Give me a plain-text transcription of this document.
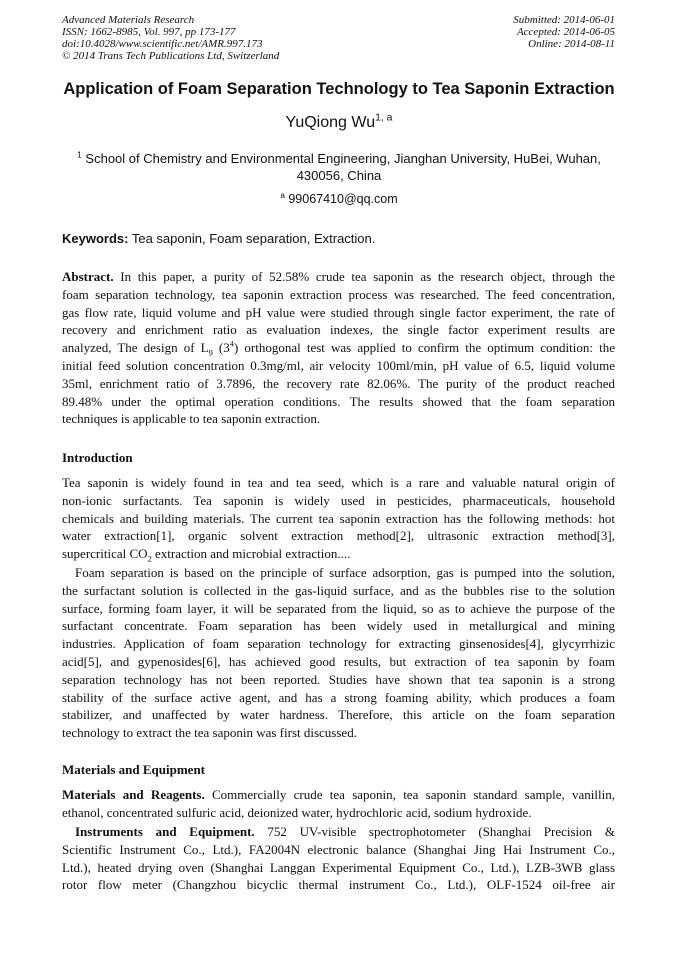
Advanced Materials Research
ISSN: 1662-8985, Vol. 997, pp 173-177
doi:10.4028/www.scientific.net/AMR.997.173
© 2014 Trans Tech Publications Ltd, Switzerland
Submitted: 2014-06-01
Accepted: 2014-06-05
Online: 2014-08-11
Application of Foam Separation Technology to Tea Saponin Extraction
YuQiong Wu$^{1, a}$
$^1$ School of Chemistry and Environmental Engineering, Jianghan University, HuBei, Wuhan,
430056, China
$^a$ 99067410@qq.com
Keywords: Tea saponin, Foam separation, Extraction.
Abstract. In this paper, a purity of 52.58% crude tea saponin as the research object, through the
foam separation technology, tea saponin extraction process was researched. The feed concentration,
gas flow rate, liquid volume and pH value were studied through single factor experiment, the rate of
recovery and enrichment ratio as evaluation indexes, the single factor experiment results are
analyzed, The design of $L_9$ $(3^4)$ orthogonal test was applied to confirm the optimum condition: the
initial feed solution concentration 0.3mg/ml, air velocity 100ml/min, pH value of 6.5, liquid volume
35ml, enrichment ratio of 3.7896, the recovery rate 82.06%. The purity of the product reached
89.48% under the optimal operation conditions. The results showed that the foam separation
techniques is applicable to tea saponin extraction.
Introduction
Tea saponin is widely found in tea and tea seed, which is a rare and valuable natural origin of
non-ionic surfactants. Tea saponin is widely used in pesticides, pharmaceuticals, household
chemicals and building materials. The current tea saponin extraction has the following methods: hot
water extraction[1], organic solvent extraction method[2], ultrasonic extraction method[3],
supercritical $CO_2$ extraction and microbial extraction....
Foam separation is based on the principle of surface adsorption, gas is pumped into the solution,
the surfactant solution is collected in the gas-liquid surface, and as the bubbles rise to the solution
surface, forming foam layer, it will be separated from the liquid, so as to achieve the purpose of the
surfactant concentrate. Foam separation has been widely used in metallurgical and mining
industries. Application of foam separation technology for extracting ginsenosides[4], glycyrrhizic
acid[5], and gypenosides[6], has achieved good results, but extraction of tea saponin by foam
separation technology has not been reported. Studies have shown that tea saponin is a strong
stability of the surface active agent, and has a strong foaming ability, which produces a foam
stabilizer, and unaffected by water hardness. Therefore, this article on the foam separation
technology to extract the tea saponin was first discussed.
Materials and Equipment
Materials and Reagents. Commercially crude tea saponin, tea saponin standard sample, vanillin,
ethanol, concentrated sulfuric acid, deionized water, hydrochloric acid, sodium hydroxide.
Instruments and Equipment. 752 UV-visible spectrophotometer (Shanghai Precision &
Scientific Instrument Co., Ltd.), FA2004N electronic balance (Shanghai Jing Hai Instrument Co.,
Ltd.), heated drying oven (Shanghai Langgan Experimental Equipment Co., Ltd.), LZB-3WB glass
rotor flow meter (Changzhou bicyclic thermal instrument Co., Ltd.), OLF-1524 oil-free air
